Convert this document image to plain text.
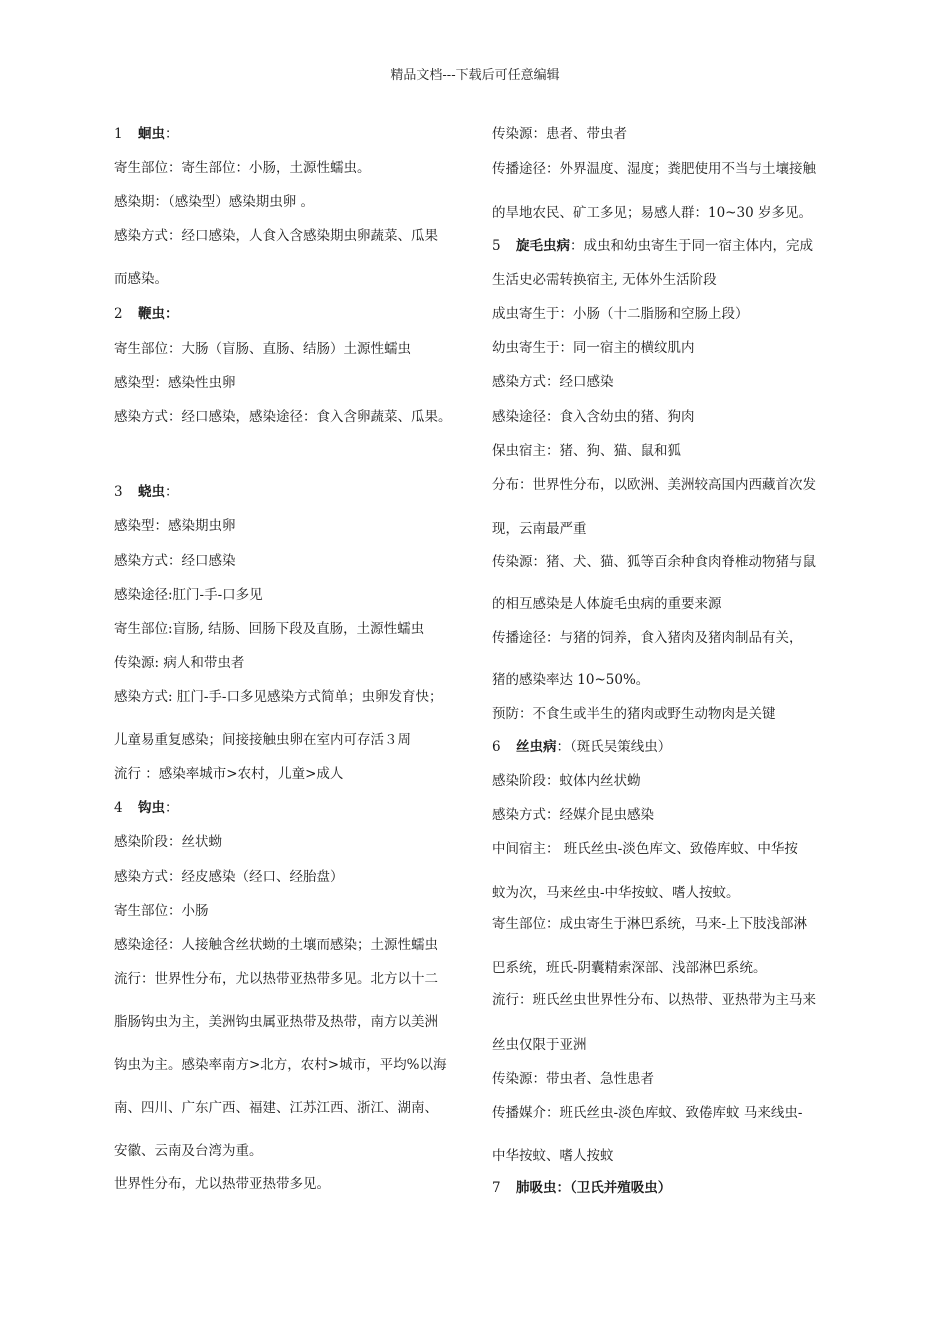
精品文档---下载后可任意编辑
1 蛔虫：
寄生部位：寄生部位：小肠，土源性蠕虫。
感染期：（感染型）感染期虫卵 。
感染方式：经口感染，人食入含感染期虫卵蔬菜、瓜果
而感染。
2 鞭虫：
寄生部位：大肠（盲肠、直肠、结肠）土源性蠕虫
感染型：感染性虫卵
感染方式：经口感染，感染途径：食入含卵蔬菜、瓜果。
3 蛲虫：
感染型：感染期虫卵
感染方式：经口感染
感染途径:肛门-手-口多见
寄生部位:盲肠, 结肠、回肠下段及直肠，土源性蠕虫
传染源: 病人和带虫者
感染方式: 肛门-手-口多见感染方式简单；虫卵发育快；
儿童易重复感染；间接接触虫卵在室内可存活３周
流行 ：感染率城市>农村，儿童>成人
4 钩虫：
感染阶段：丝状蚴
感染方式：经皮感染（经口、经胎盘）
寄生部位：小肠
感染途径：人接触含丝状蚴的土壤而感染；土源性蠕虫
流行：世界性分布，尤以热带亚热带多见。北方以十二
脂肠钩虫为主，美洲钩虫属亚热带及热带，南方以美洲
钩虫为主。感染率南方>北方，农村>城市，平均%以海
南、四川、广东广西、福建、江苏江西、浙江、湖南、
安徽、云南及台湾为重。
世界性分布，尤以热带亚热带多见。
传染源：患者、带虫者
传播途径：外界温度、湿度；粪肥使用不当与土壤接触
的旱地农民、矿工多见；易感人群：10~30 岁多见。
5 旋毛虫病：成虫和幼虫寄生于同一宿主体内，完成
生活史必需转换宿主, 无体外生活阶段
成虫寄生于：小肠（十二脂肠和空肠上段）
幼虫寄生于：同一宿主的横纹肌内
感染方式：经口感染
感染途径：食入含幼虫的猪、狗肉
保虫宿主：猪、狗、猫、鼠和狐
分布：世界性分布，以欧洲、美洲较高国内西藏首次发
现，云南最严重
传染源：猪、犬、猫、狐等百余种食肉脊椎动物猪与鼠
的相互感染是人体旋毛虫病的重要来源
传播途径：与猪的饲养，食入猪肉及猪肉制品有关，
猪的感染率达 10~50%。
预防：不食生或半生的猪肉或野生动物肉是关键
6 丝虫病：（斑氏吴策线虫）
感染阶段：蚊体内丝状蚴
感染方式：经媒介昆虫感染
中间宿主： 班氏丝虫-淡色库文、致倦库蚊、中华按
蚊为次，马来丝虫-中华按蚊、嗜人按蚊。
寄生部位：成虫寄生于淋巴系统，马来-上下肢浅部淋
巴系统，班氏-阴囊精索深部、浅部淋巴系统。
流行：班氏丝虫世界性分布、以热带、亚热带为主马来
丝虫仅限于亚洲
传染源：带虫者、急性患者
传播媒介：班氏丝虫-淡色库蚊、致倦库蚊 马来线虫-
中华按蚊、嗜人按蚊
7 肺吸虫：（卫氏并殖吸虫）
